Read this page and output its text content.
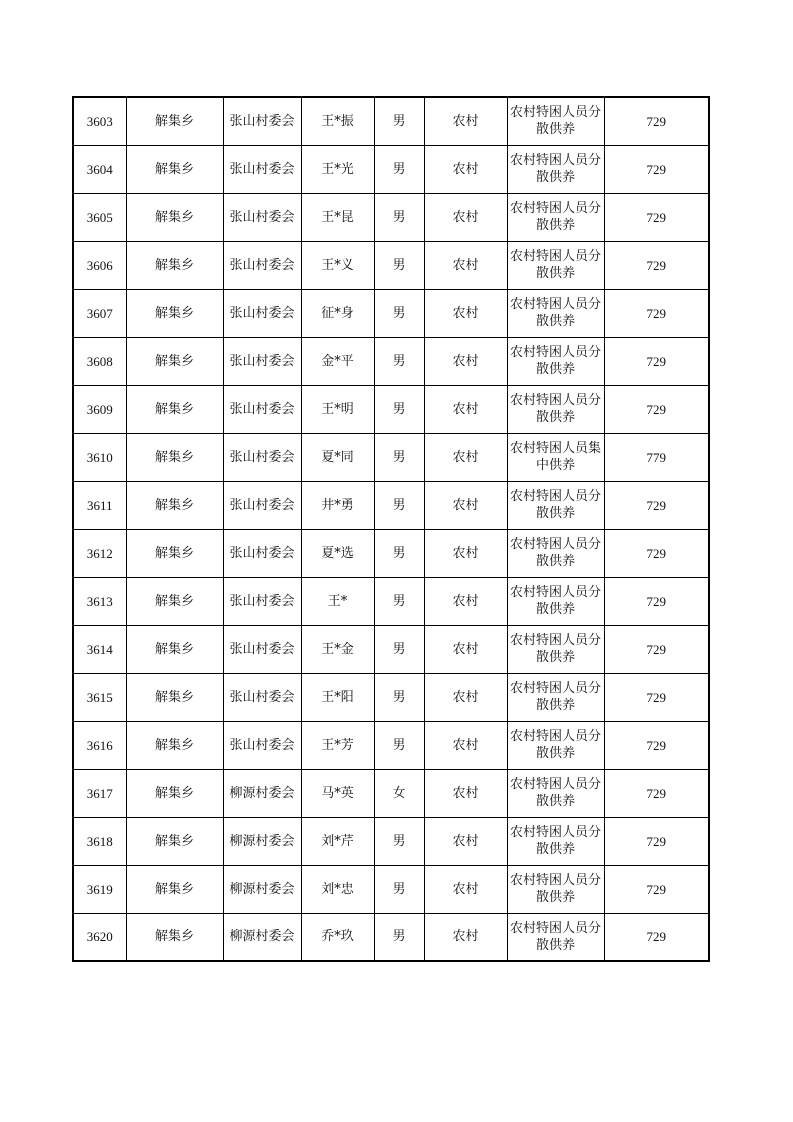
3603	解集乡	张山村委会	王*振	男	农村	农村特困人员分散供养	729
3604	解集乡	张山村委会	王*光	男	农村	农村特困人员分散供养	729
3605	解集乡	张山村委会	王*昆	男	农村	农村特困人员分散供养	729
3606	解集乡	张山村委会	王*义	男	农村	农村特困人员分散供养	729
3607	解集乡	张山村委会	征*身	男	农村	农村特困人员分散供养	729
3608	解集乡	张山村委会	金*平	男	农村	农村特困人员分散供养	729
3609	解集乡	张山村委会	王*明	男	农村	农村特困人员分散供养	729
3610	解集乡	张山村委会	夏*同	男	农村	农村特困人员集中供养	779
3611	解集乡	张山村委会	井*勇	男	农村	农村特困人员分散供养	729
3612	解集乡	张山村委会	夏*选	男	农村	农村特困人员分散供养	729
3613	解集乡	张山村委会	王*	男	农村	农村特困人员分散供养	729
3614	解集乡	张山村委会	王*金	男	农村	农村特困人员分散供养	729
3615	解集乡	张山村委会	王*阳	男	农村	农村特困人员分散供养	729
3616	解集乡	张山村委会	王*芳	男	农村	农村特困人员分散供养	729
3617	解集乡	柳源村委会	马*英	女	农村	农村特困人员分散供养	729
3618	解集乡	柳源村委会	刘*芹	男	农村	农村特困人员分散供养	729
3619	解集乡	柳源村委会	刘*忠	男	农村	农村特困人员分散供养	729
3620	解集乡	柳源村委会	乔*玖	男	农村	农村特困人员分散供养	729
